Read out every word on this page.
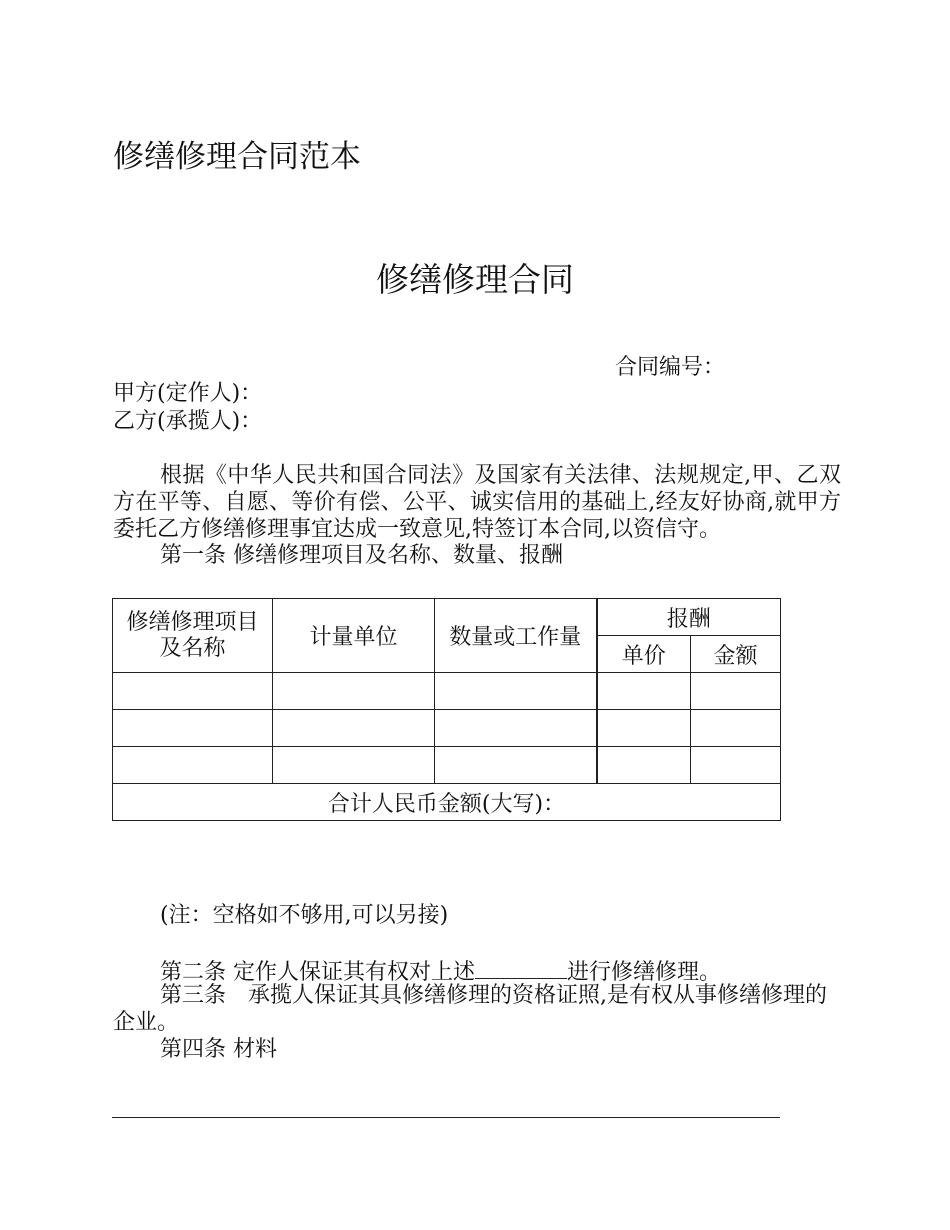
修缮修理合同范本
修缮修理合同
合同编号：
甲方(定作人)：
乙方(承揽人)：

根据《中华人民共和国合同法》及国家有关法律、法规规定,甲、乙双方在平等、自愿、等价有偿、公平、诚实信用的基础上,经友好协商,就甲方委托乙方修缮修理事宜达成一致意见,特签订本合同,以资信守。

第一条 修缮修理项目及名称、数量、报酬
修缮修理项目
及名称	计量单位	数量或工作量	报酬	
			单价	金额

合计人民币金额(大写)：				
(注：空格如不够用,可以另接)
第二条 定作人保证其有权对上述	进行修缮修理。

第三条　承揽人保证其具修缮修理的资格证照,是有权从事修缮修理的企业。

第四条 材料
